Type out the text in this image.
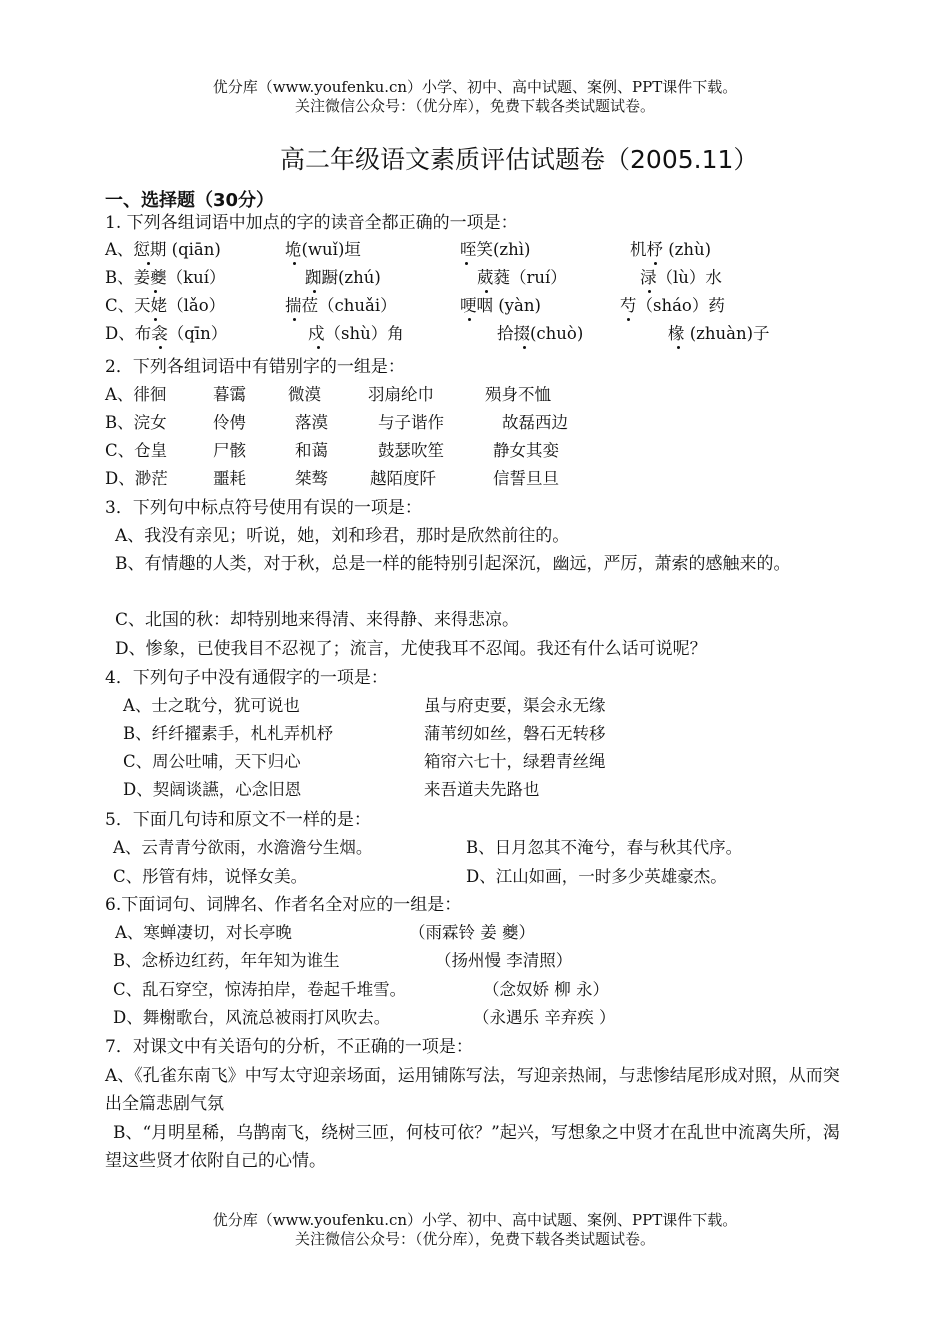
优分库（www.youfenku.cn）小学、初中、高中试题、案例、PPT课件下载。
关注微信公众号：（优分库），免费下载各类试题试卷。
高二年级语文素质评估试题卷（2005.11）
一、选择题（30分）
1. 下列各组词语中加点的字的读音全都正确的一项是：
A、愆期 (qiān)	垝(wuǐ)垣	咥笑(zhì)	机杼 (zhù)
B、姜夔（kuí）	踟蹰(zhú)	葳蕤（ruí）	渌（lù）水
C、天姥（lǎo）	揣莅（chuǎi）	哽咽 (yàn)	芍（sháo）药
D、布衾（qīn）	戍（shù）角	拾掇(chuò)	椽 (zhuàn)子
2．下列各组词语中有错别字的一组是：
A、徘徊	暮霭	微漠	羽扇纶巾	殒身不恤
B、浣女	伶俜	落漠	与子谐作	故磊西边
C、仓皇	尸骸	和蔼	鼓瑟吹笙	静女其娈
D、渺茫	噩耗	桀骜	越陌度阡	信誓旦旦
3．下列句中标点符号使用有误的一项是：
A、我没有亲见；听说，她，刘和珍君，那时是欣然前往的。
B、有情趣的人类，对于秋，总是一样的能特别引起深沉，幽远，严厉，萧索的感触来的。
C、北国的秋：却特别地来得清、来得静、来得悲凉。
D、惨象，已使我目不忍视了；流言，尤使我耳不忍闻。我还有什么话可说呢？
4．下列句子中没有通假字的一项是：
A、士之耽兮，犹可说也	虽与府吏要，渠会永无缘
B、纤纤擢素手，札札弄机杼	蒲苇纫如丝，磐石无转移
C、周公吐哺，天下归心	箱帘六七十，绿碧青丝绳
D、契阔谈讌，心念旧恩	来吾道夫先路也
5．下面几句诗和原文不一样的是：
A、云青青兮欲雨，水澹澹兮生烟。	B、日月忽其不淹兮，春与秋其代序。
C、彤管有炜，说怿女美。	D、江山如画，一时多少英雄豪杰。
6.下面词句、词牌名、作者名全对应的一组是：
A、寒蝉凄切，对长亭晚	（雨霖铃 姜 夔）
B、念桥边红药，年年知为谁生	（扬州慢 李清照）
C、乱石穿空，惊涛拍岸，卷起千堆雪。	（念奴娇 柳 永）
D、舞榭歌台，风流总被雨打风吹去。	（永遇乐 辛弃疾 ）
7．对课文中有关语句的分析，不正确的一项是：
A、《孔雀东南飞》中写太守迎亲场面，运用铺陈写法，写迎亲热闹，与悲惨结尾形成对照，从而突出全篇悲剧气氛
B、“月明星稀，乌鹊南飞，绕树三匝，何枝可依？”起兴，写想象之中贤才在乱世中流离失所，渴望这些贤才依附自己的心情。
优分库（www.youfenku.cn）小学、初中、高中试题、案例、PPT课件下载。
关注微信公众号：（优分库），免费下载各类试题试卷。
